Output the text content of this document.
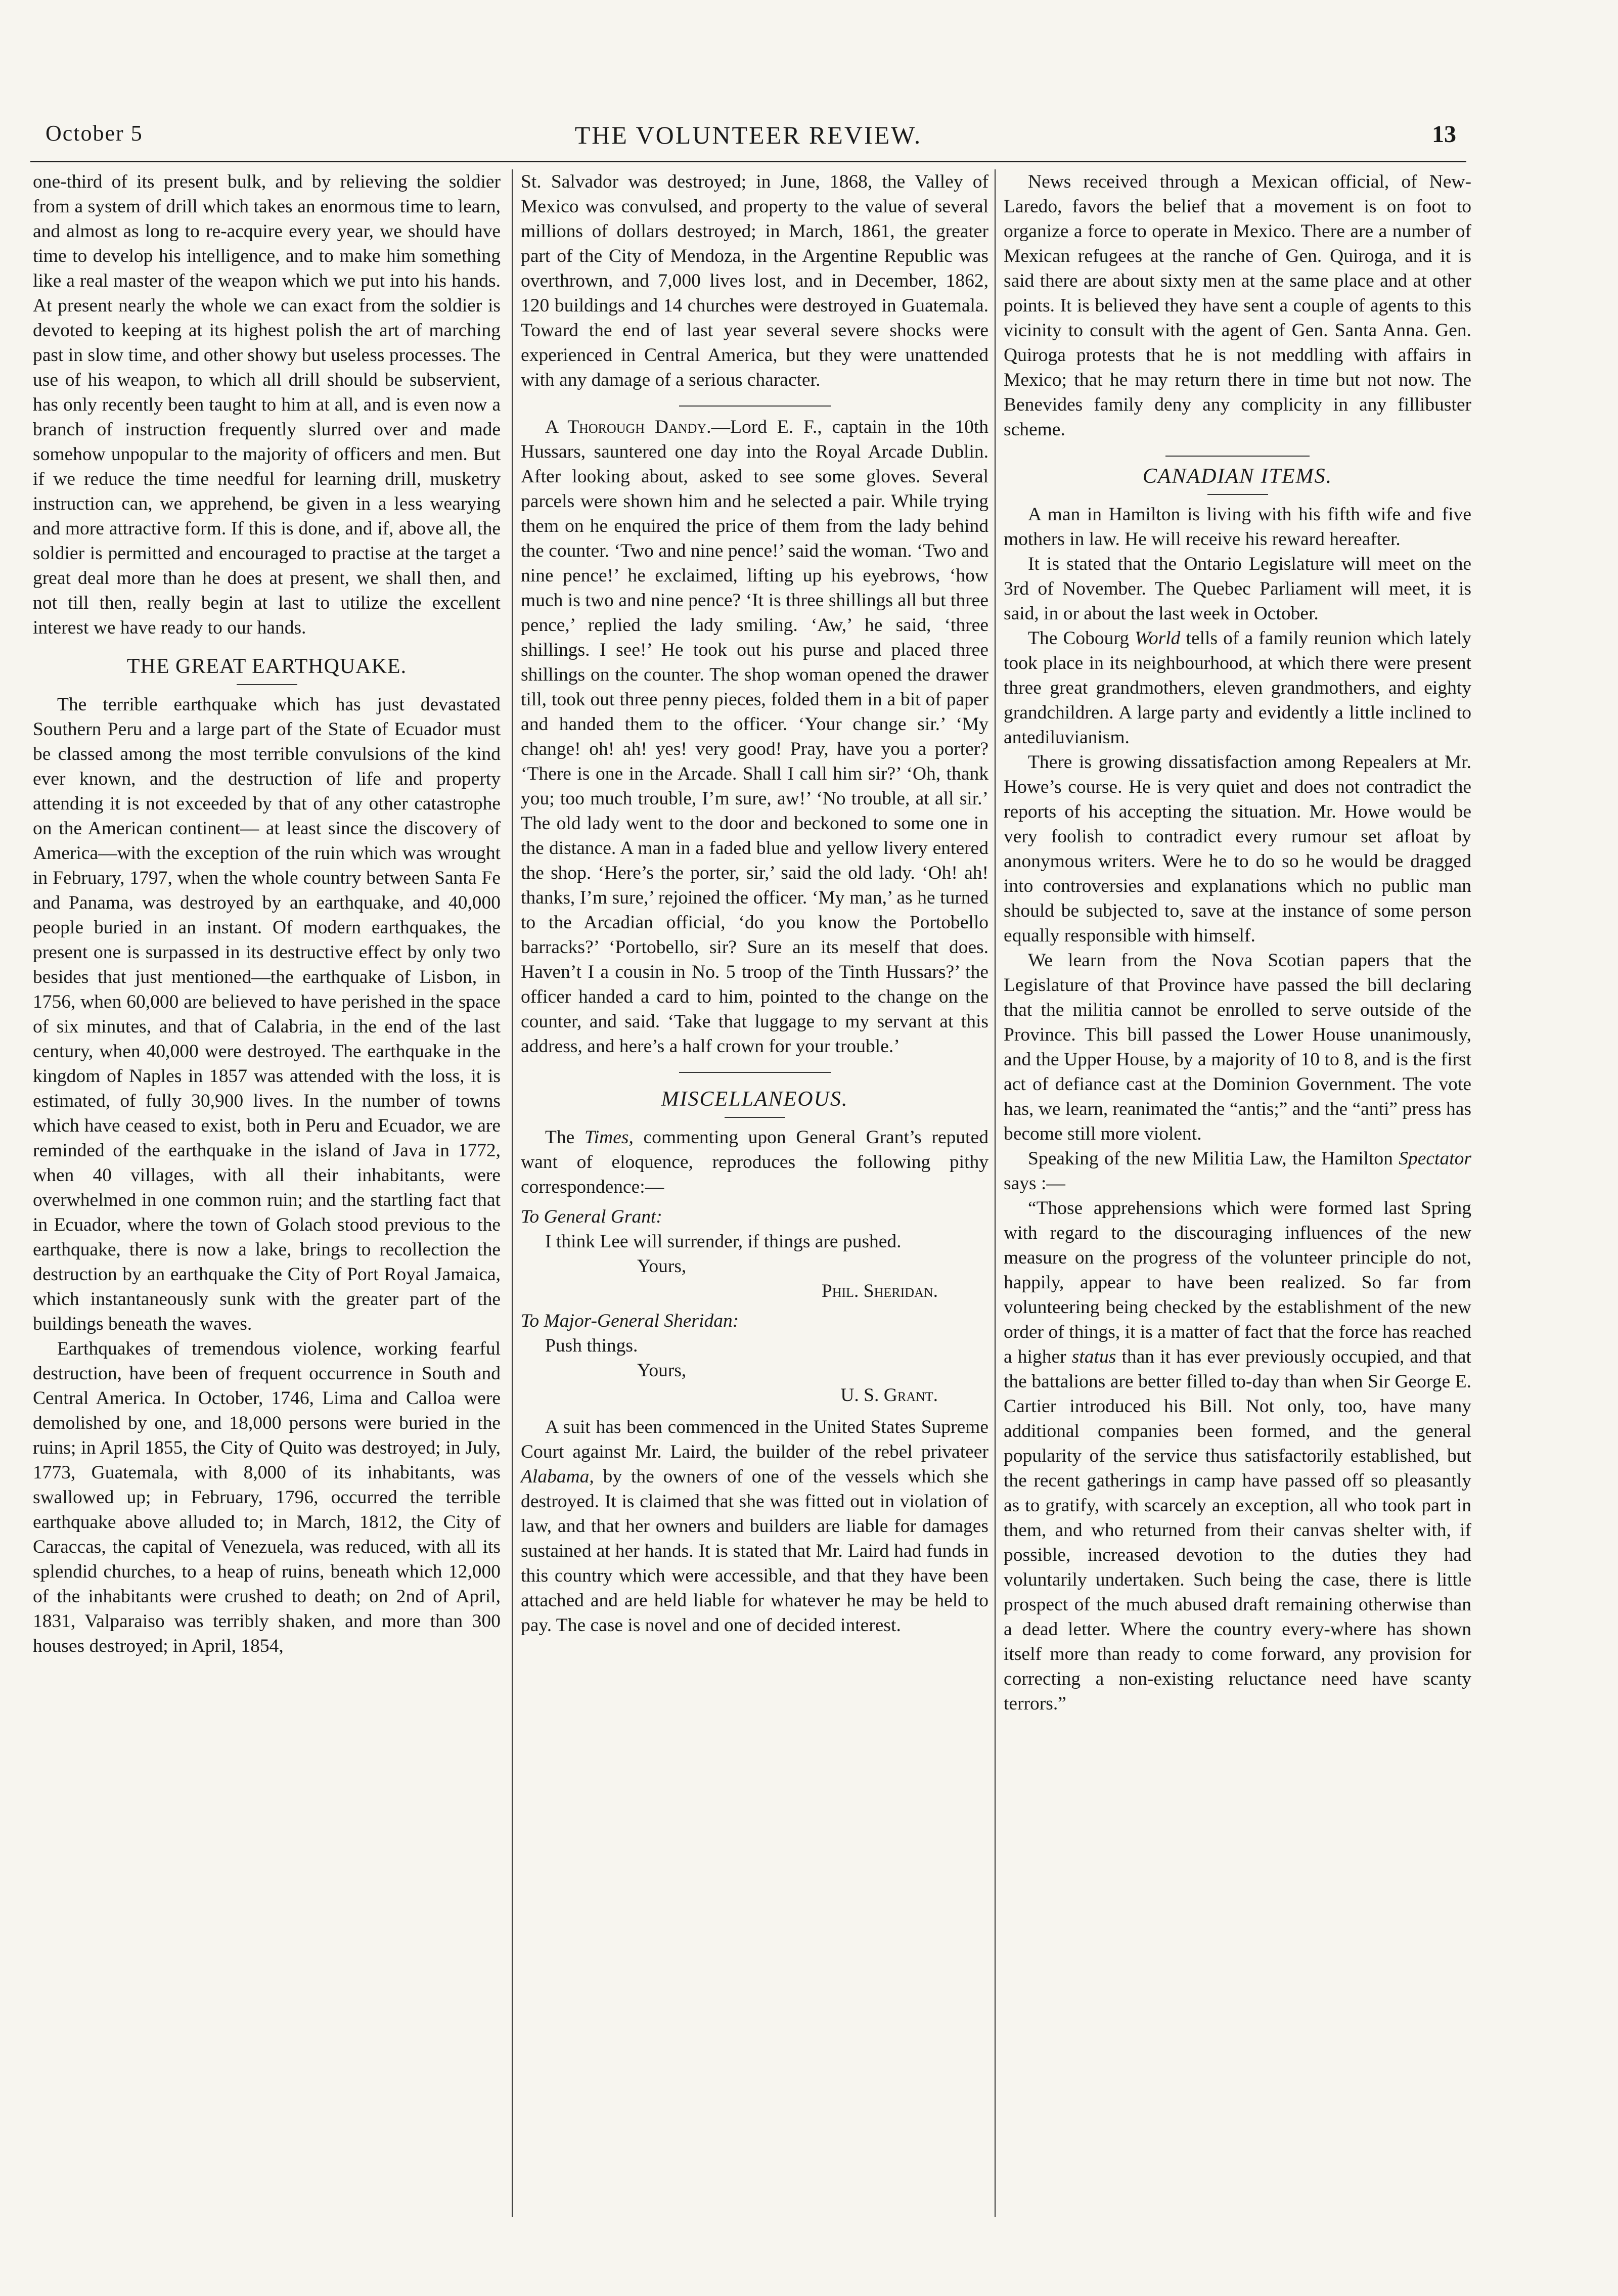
October 5	THE VOLUNTEER REVIEW.	13

one-third of its present bulk, and by relieving the soldier from a system of drill which takes an enormous time to learn, and almost as long to re-acquire every year, we should have time to develop his intelligence, and to make him something like a real master of the weapon which we put into his hands. At present nearly the whole we can exact from the soldier is devoted to keeping at its highest polish the art of marching past in slow time, and other showy but useless processes. The use of his weapon, to which all drill should be subservient, has only recently been taught to him at all, and is even now a branch of instruction frequently slurred over and made somehow unpopular to the majority of officers and men. But if we reduce the time needful for learning drill, musketry instruction can, we apprehend, be given in a less wearying and more attractive form. If this is done, and if, above all, the soldier is permitted and encouraged to practise at the target a great deal more than he does at present, we shall then, and not till then, really begin at last to utilize the excellent interest we have ready to our hands.

THE GREAT EARTHQUAKE.

The terrible earthquake which has just devastated Southern Peru and a large part of the State of Ecuador must be classed among the most terrible convulsions of the kind ever known, and the destruction of life and property attending it is not exceeded by that of any other catastrophe on the American continent— at least since the discovery of America—with the exception of the ruin which was wrought in February, 1797, when the whole country between Santa Fe and Panama, was destroyed by an earthquake, and 40,000 people buried in an instant. Of modern earthquakes, the present one is surpassed in its destructive effect by only two besides that just mentioned—the earthquake of Lisbon, in 1756, when 60,000 are believed to have perished in the space of six minutes, and that of Calabria, in the end of the last century, when 40,000 were destroyed. The earthquake in the kingdom of Naples in 1857 was attended with the loss, it is estimated, of fully 30,900 lives. In the number of towns which have ceased to exist, both in Peru and Ecuador, we are reminded of the earthquake in the island of Java in 1772, when 40 villages, with all their inhabitants, were overwhelmed in one common ruin; and the startling fact that in Ecuador, where the town of Golach stood previous to the earthquake, there is now a lake, brings to recollection the destruction by an earthquake the City of Port Royal Jamaica, which instantaneously sunk with the greater part of the buildings beneath the waves.

Earthquakes of tremendous violence, working fearful destruction, have been of frequent occurrence in South and Central America. In October, 1746, Lima and Calloa were demolished by one, and 18,000 persons were buried in the ruins; in April 1855, the City of Quito was destroyed; in July, 1773, Guatemala, with 8,000 of its inhabitants, was swallowed up; in February, 1796, occurred the terrible earthquake above alluded to; in March, 1812, the City of Caraccas, the capital of Venezuela, was reduced, with all its splendid churches, to a heap of ruins, beneath which 12,000 of the inhabitants were crushed to death; on 2nd of April, 1831, Valparaiso was terribly shaken, and more than 300 houses destroyed; in April, 1854,

St. Salvador was destroyed; in June, 1868, the Valley of Mexico was convulsed, and property to the value of several millions of dollars destroyed; in March, 1861, the greater part of the City of Mendoza, in the Argentine Republic was overthrown, and 7,000 lives lost, and in December, 1862, 120 buildings and 14 churches were destroyed in Guatemala. Toward the end of last year several severe shocks were experienced in Central America, but they were unattended with any damage of a serious character.

A Thorough Dandy.—Lord E. F., captain in the 10th Hussars, sauntered one day into the Royal Arcade Dublin. After looking about, asked to see some gloves. Several parcels were shown him and he selected a pair. While trying them on he enquired the price of them from the lady behind the counter. ‘Two and nine pence!’ said the woman. ‘Two and nine pence!’ he exclaimed, lifting up his eyebrows, ‘how much is two and nine pence? ‘It is three shillings all but three pence,’ replied the lady smiling. ‘Aw,’ he said, ‘three shillings. I see!’ He took out his purse and placed three shillings on the counter. The shop woman opened the drawer till, took out three penny pieces, folded them in a bit of paper and handed them to the officer. ‘Your change sir.’ ‘My change! oh! ah! yes! very good! Pray, have you a porter? ‘There is one in the Arcade. Shall I call him sir?’ ‘Oh, thank you; too much trouble, I’m sure, aw!’ ‘No trouble, at all sir.’ The old lady went to the door and beckoned to some one in the distance. A man in a faded blue and yellow livery entered the shop. ‘Here’s the porter, sir,’ said the old lady. ‘Oh! ah! thanks, I’m sure,’ rejoined the officer. ‘My man,’ as he turned to the Arcadian official, ‘do you know the Portobello barracks?’ ‘Portobello, sir? Sure an its meself that does. Haven’t I a cousin in No. 5 troop of the Tinth Hussars?’ the officer handed a card to him, pointed to the change on the counter, and said. ‘Take that luggage to my servant at this address, and here’s a half crown for your trouble.’

MISCELLANEOUS.

The Times, commenting upon General Grant’s reputed want of eloquence, reproduces the following pithy correspondence:—

To General Grant:

I think Lee will surrender, if things are pushed.

Yours,

Phil. Sheridan.

To Major-General Sheridan:

Push things.

Yours,

U. S. Grant.

A suit has been commenced in the United States Supreme Court against Mr. Laird, the builder of the rebel privateer Alabama, by the owners of one of the vessels which she destroyed. It is claimed that she was fitted out in violation of law, and that her owners and builders are liable for damages sustained at her hands. It is stated that Mr. Laird had funds in this country which were accessible, and that they have been attached and are held liable for whatever he may be held to pay. The case is novel and one of decided interest.

News received through a Mexican official, of New-Laredo, favors the belief that a movement is on foot to organize a force to operate in Mexico. There are a number of Mexican refugees at the ranche of Gen. Quiroga, and it is said there are about sixty men at the same place and at other points. It is believed they have sent a couple of agents to this vicinity to consult with the agent of Gen. Santa Anna. Gen. Quiroga protests that he is not meddling with affairs in Mexico; that he may return there in time but not now. The Benevides family deny any complicity in any fillibuster scheme.

CANADIAN ITEMS.

A man in Hamilton is living with his fifth wife and five mothers in law. He will receive his reward hereafter.

It is stated that the Ontario Legislature will meet on the 3rd of November. The Quebec Parliament will meet, it is said, in or about the last week in October.

The Cobourg World tells of a family reunion which lately took place in its neighbourhood, at which there were present three great grandmothers, eleven grandmothers, and eighty grandchildren. A large party and evidently a little inclined to antediluvianism.

There is growing dissatisfaction among Repealers at Mr. Howe’s course. He is very quiet and does not contradict the reports of his accepting the situation. Mr. Howe would be very foolish to contradict every rumour set afloat by anonymous writers. Were he to do so he would be dragged into controversies and explanations which no public man should be subjected to, save at the instance of some person equally responsible with himself.

We learn from the Nova Scotian papers that the Legislature of that Province have passed the bill declaring that the militia cannot be enrolled to serve outside of the Province. This bill passed the Lower House unanimously, and the Upper House, by a majority of 10 to 8, and is the first act of defiance cast at the Dominion Government. The vote has, we learn, reanimated the “antis;” and the “anti” press has become still more violent.

Speaking of the new Militia Law, the Hamilton Spectator says :—

“Those apprehensions which were formed last Spring with regard to the discouraging influences of the new measure on the progress of the volunteer principle do not, happily, appear to have been realized. So far from volunteering being checked by the establishment of the new order of things, it is a matter of fact that the force has reached a higher status than it has ever previously occupied, and that the battalions are better filled to-day than when Sir George E. Cartier introduced his Bill. Not only, too, have many additional companies been formed, and the general popularity of the service thus satisfactorily established, but the recent gatherings in camp have passed off so pleasantly as to gratify, with scarcely an exception, all who took part in them, and who returned from their canvas shelter with, if possible, increased devotion to the duties they had voluntarily undertaken. Such being the case, there is little prospect of the much abused draft remaining otherwise than a dead letter. Where the country every-where has shown itself more than ready to come forward, any provision for correcting a non-existing reluctance need have scanty terrors.”
